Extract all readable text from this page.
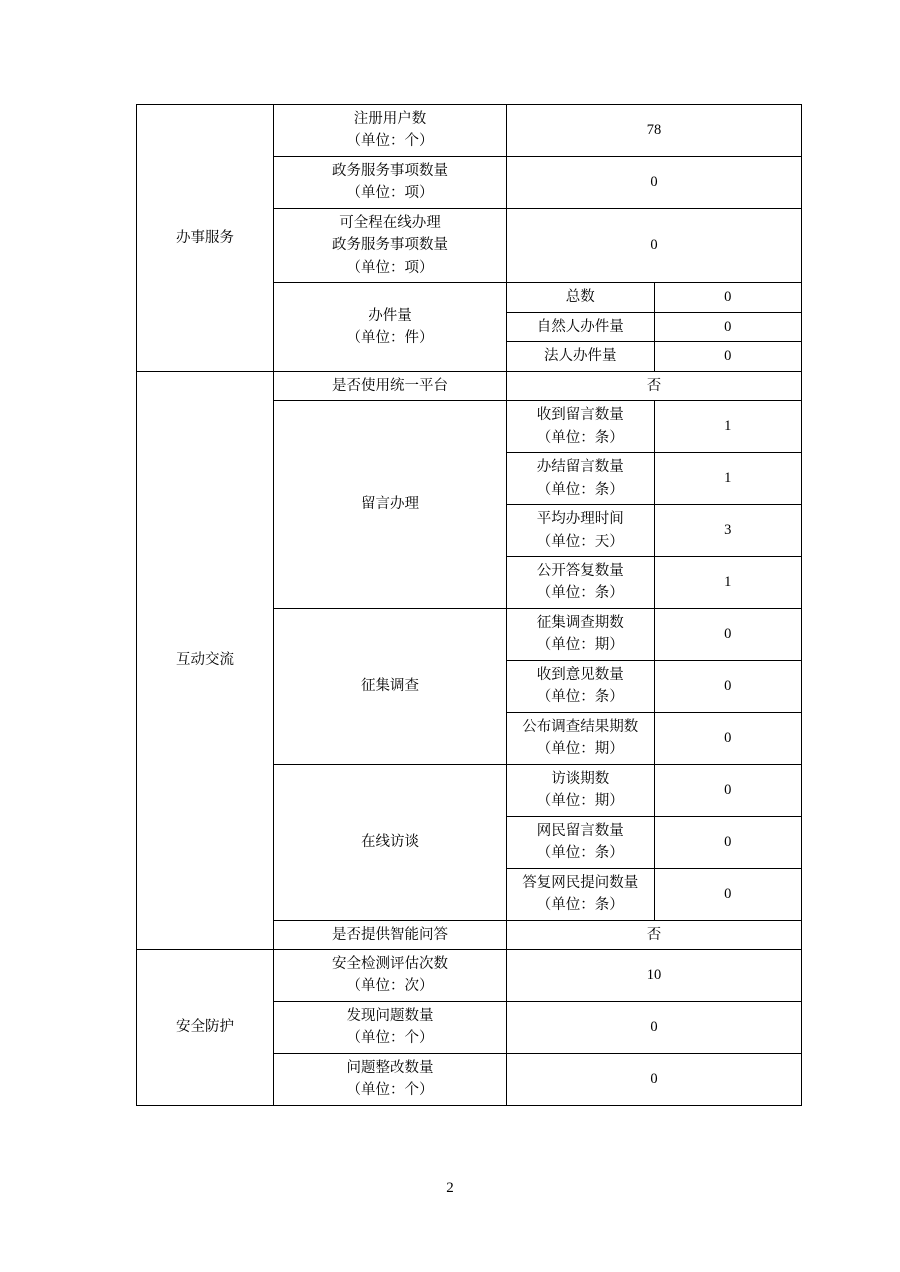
办事服务	注册用户数
（单位：个）	78	

	政务服务事项数量
（单位：项）	0	

	可全程在线办理
政务服务事项数量
（单位：项）	0	

	办件量
（单位：件）	总数	0
		自然人办件量	0
		法人办件量	0
互动交流	是否使用统一平台	否	
	留言办理	收到留言数量
（单位：条）	1

		办结留言数量
（单位：条）	1

		平均办理时间
（单位：天）	3

		公开答复数量
（单位：条）	1
	征集调查	征集调查期数
（单位：期）	0

		收到意见数量
（单位：条）	0

		公布调查结果期数
（单位：期）	0
	在线访谈	访谈期数
（单位：期）	0

		网民留言数量
（单位：条）	0

		答复网民提问数量
（单位：条）	0
	是否提供智能问答	否	
安全防护	安全检测评估次数
（单位：次）	10	

	发现问题数量
（单位：个）	0	

	问题整改数量
（单位：个）	0	
2
